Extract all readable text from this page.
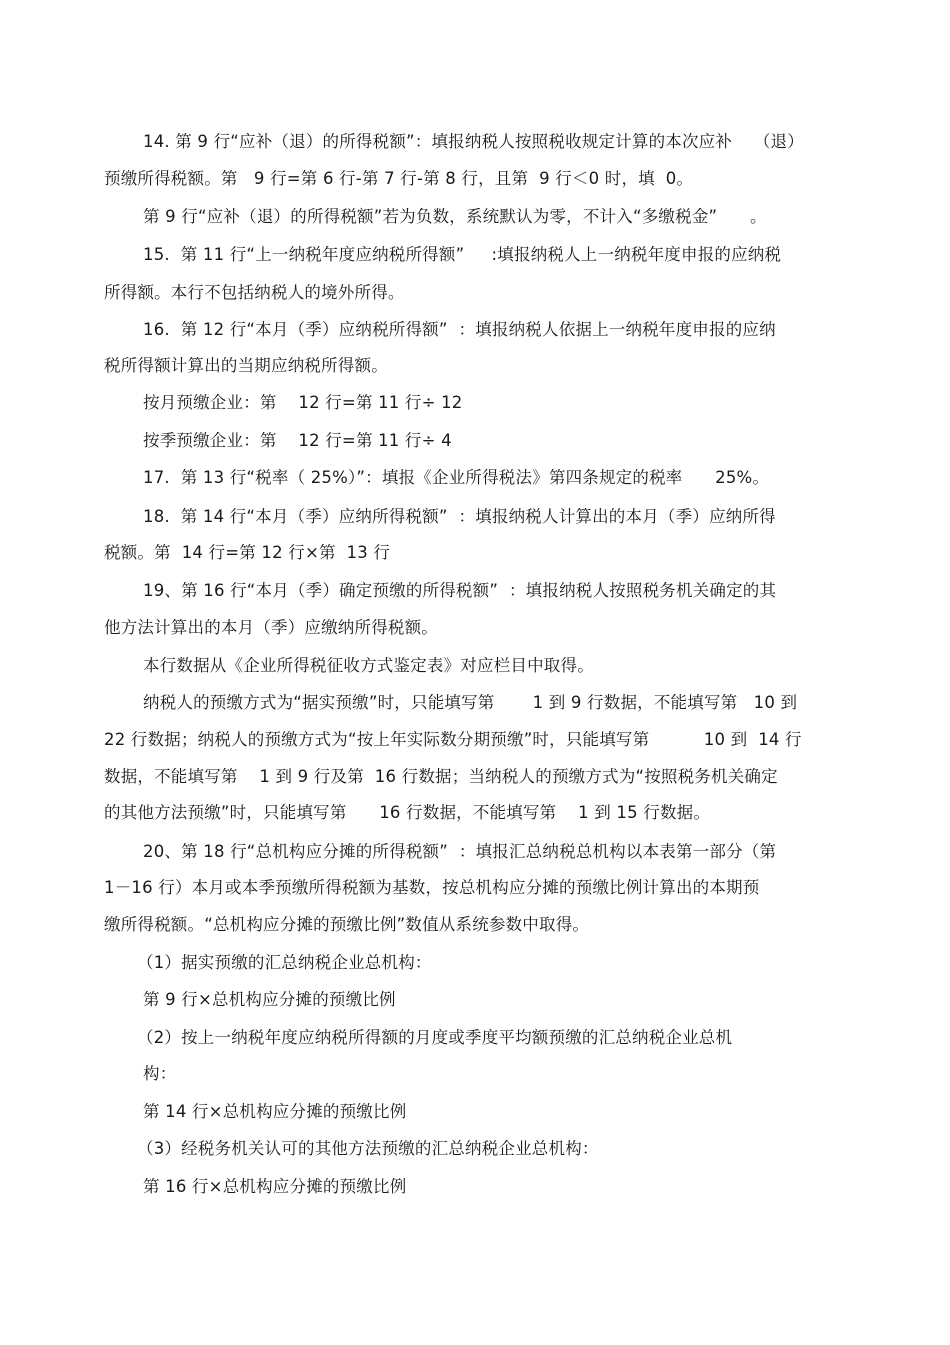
14. 第 9 行“应补（退）的所得税额”：填报纳税人按照税收规定计算的本次应补    （退）
预缴所得税额。第   9 行=第 6 行-第 7 行-第 8 行，且第  9 行＜0 时，填  0。
第 9 行“应补（退）的所得税额”若为负数，系统默认为零，不计入“多缴税金”      。
15.  第 11 行“上一纳税年度应纳税所得额”     :填报纳税人上一纳税年度申报的应纳税
所得额。本行不包括纳税人的境外所得。
16.  第 12 行“本月（季）应纳税所得额”  ：填报纳税人依据上一纳税年度申报的应纳
税所得额计算出的当期应纳税所得额。
按月预缴企业：第    12 行=第 11 行÷ 12
按季预缴企业：第    12 行=第 11 行÷ 4
17.  第 13 行“税率（ 25%）”：填报《企业所得税法》第四条规定的税率      25%。
18.  第 14 行“本月（季）应纳所得税额”  ：填报纳税人计算出的本月（季）应纳所得
税额。第  14 行=第 12 行×第  13 行
19、第 16 行“本月（季）确定预缴的所得税额”  ：填报纳税人按照税务机关确定的其
他方法计算出的本月（季）应缴纳所得税额。
本行数据从《企业所得税征收方式鉴定表》对应栏目中取得。
纳税人的预缴方式为“据实预缴”时，只能填写第       1 到 9 行数据，不能填写第   10 到
22 行数据；纳税人的预缴方式为“按上年实际数分期预缴”时，只能填写第          10 到  14 行
数据，不能填写第    1 到 9 行及第  16 行数据；当纳税人的预缴方式为“按照税务机关确定
的其他方法预缴”时，只能填写第      16 行数据，不能填写第    1 到 15 行数据。
20、第 18 行“总机构应分摊的所得税额”  ：填报汇总纳税总机构以本表第一部分（第
1－16 行）本月或本季预缴所得税额为基数，按总机构应分摊的预缴比例计算出的本期预
缴所得税额。“总机构应分摊的预缴比例”数值从系统参数中取得。
（1）据实预缴的汇总纳税企业总机构：
第 9 行×总机构应分摊的预缴比例
（2）按上一纳税年度应纳税所得额的月度或季度平均额预缴的汇总纳税企业总机
构：
第 14 行×总机构应分摊的预缴比例
（3）经税务机关认可的其他方法预缴的汇总纳税企业总机构：
第 16 行×总机构应分摊的预缴比例
